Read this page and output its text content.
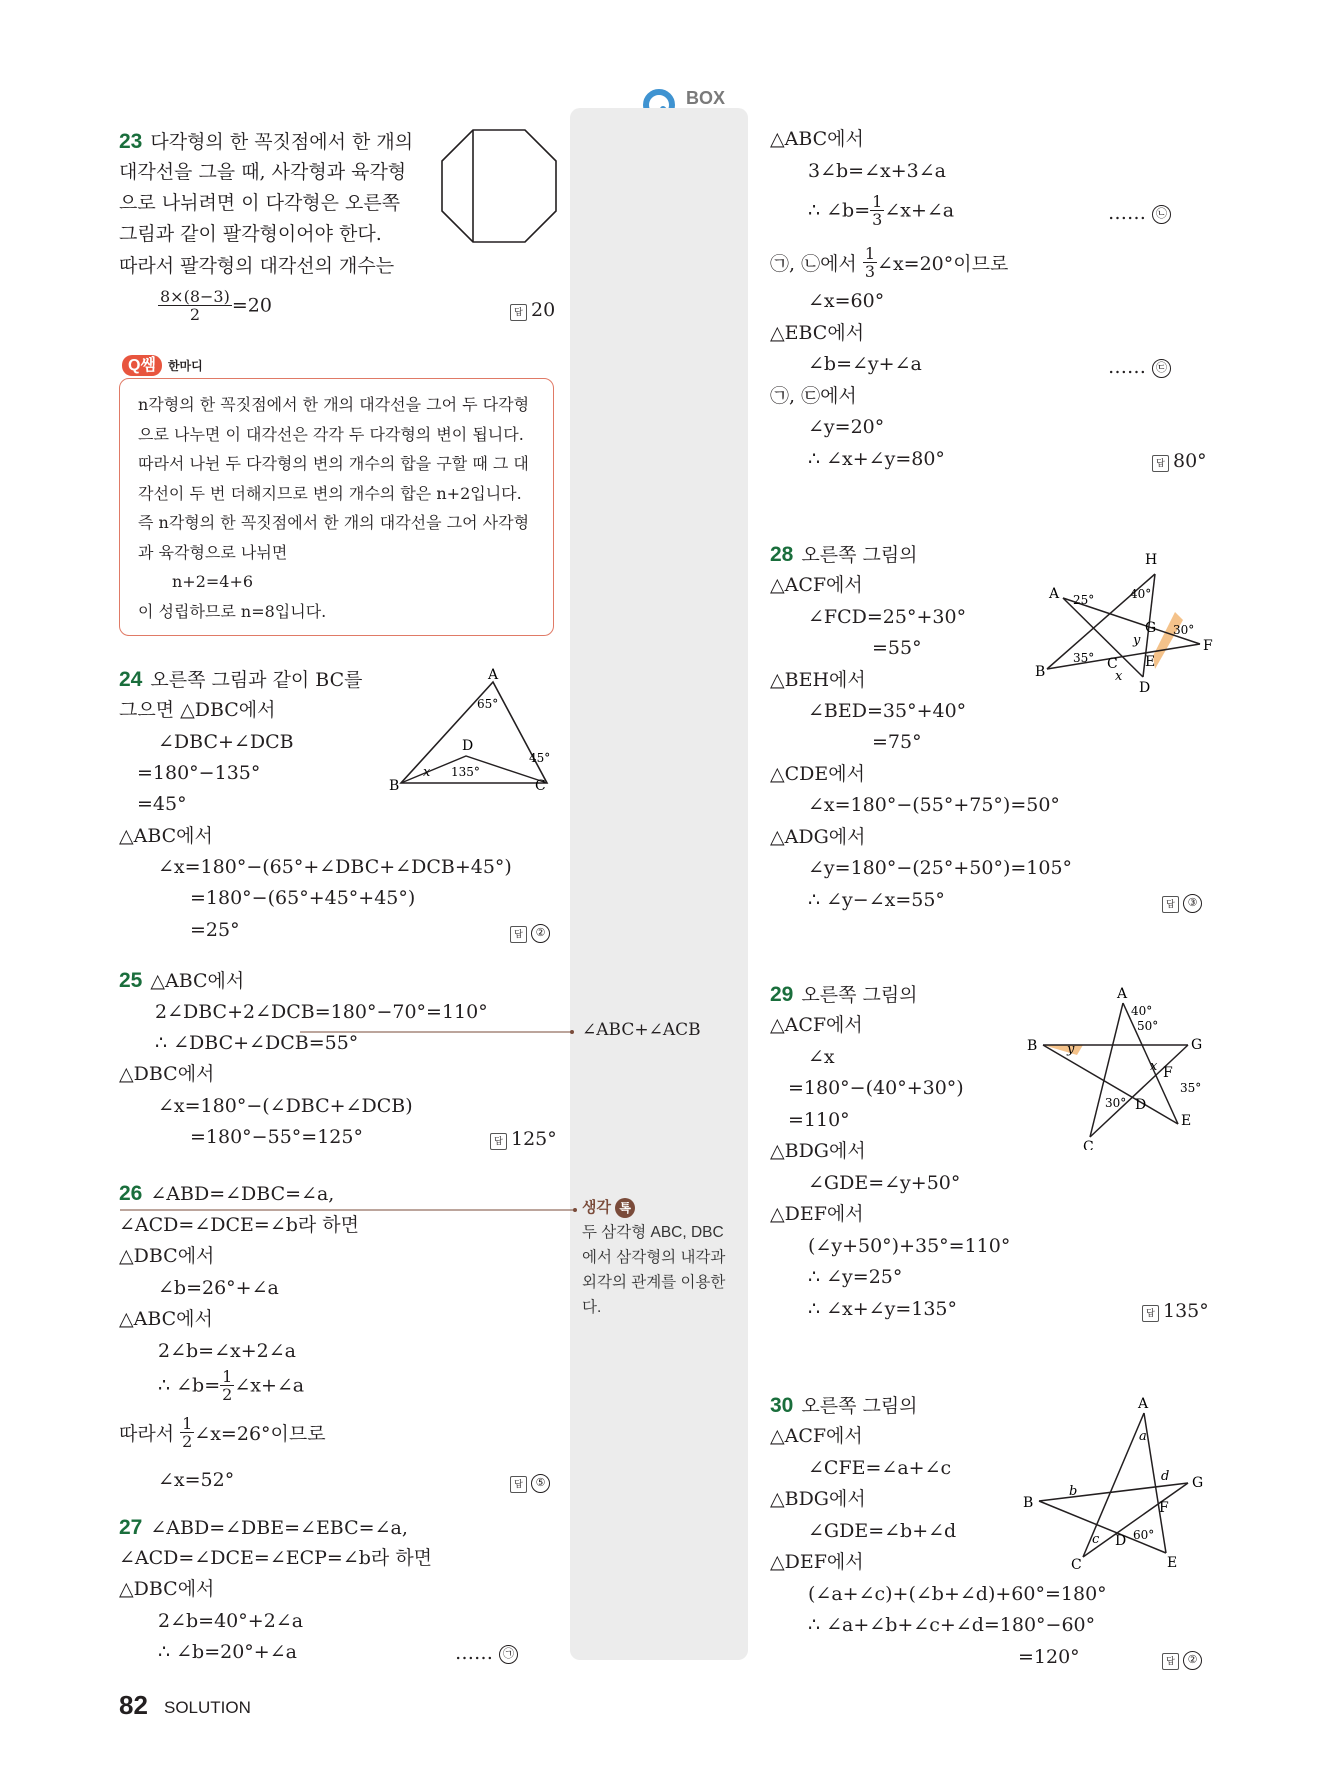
BOX
23 다각형의 한 꼭짓점에서 한 개의
대각선을 그을 때, 사각형과 육각형
으로 나뉘려면 이 다각형은 오른쪽
그림과 같이 팔각형이어야 한다.
따라서 팔각형의 대각선의 개수는
$\frac{8\times(8-3)}{2} =20$	답 20
Q쌤 한마디
n각형의 한 꼭짓점에서 한 개의 대각선을 그어 두 다각형
으로 나누면 이 대각선은 각각 두 다각형의 변이 됩니다.
따라서 나뉜 두 다각형의 변의 개수의 합을 구할 때 그 대
각선이 두 번 더해지므로 변의 개수의 합은 n+2입니다.
즉 n각형의 한 꼭짓점에서 한 개의 대각선을 그어 사각형
과 육각형으로 나뉘면
n+2=4+6
이 성립하므로 n=8입니다.
24 오른쪽 그림과 같이 BC를
그으면 △DBC에서
∠DBC+∠DCB
=180°−135°
=45°
△ABC에서
∠x=180°−(65°+∠DBC+∠DCB+45°)
=180°−(65°+45°+45°)
=25°	답 ②
A
B	C
D
65°
45°
135°
x
25 △ABC에서
2∠DBC+2∠DCB=180°−70°=110°
∴ ∠DBC+∠DCB=55°
△DBC에서
∠x=180°−(∠DBC+∠DCB)
=180°−55°=125°	답 125°
∠ABC+∠ACB
26 ∠ABD=∠DBC=∠a,
∠ACD=∠DCE=∠b라 하면
△DBC에서
∠b=26°+∠a
△ABC에서
2∠b=∠x+2∠a
∴ ∠b= $\frac{1}{2}$ ∠x+∠a
따라서 $\frac{1}{2}$ ∠x=26°이므로
∠x=52°	답 ⑤
생각 톡
두 삼각형 ABC, DBC
에서 삼각형의 내각과
외각의 관계를 이용한
다.
27 ∠ABD=∠DBE=∠EBC=∠a,
∠ACD=∠DCE=∠ECP=∠b라 하면
△DBC에서
2∠b=40°+2∠a
∴ ∠b=20°+∠a	…… ㉠
82 SOLUTION
△ABC에서
3∠b=∠x+3∠a
∴ ∠b= $\frac{1}{3}$ ∠x+∠a	…… ㉡
㉠, ㉡에서 $\frac{1}{3}$ ∠x=20°이므로
∠x=60°
△EBC에서
∠b=∠y+∠a	…… ㉢
㉠, ㉢에서
∠y=20°
∴ ∠x+∠y=80°	답 80°
28 오른쪽 그림의
△ACF에서
∠FCD=25°+30°
=55°
△BEH에서
∠BED=35°+40°
=75°
△CDE에서
∠x=180°−(55°+75°)=50°
△ADG에서
∠y=180°−(25°+50°)=105°
∴ ∠y−∠x=55°	답 ③
A
B	C
D
E
F
G
H
25°	40°
30°
35°
x
y
29 오른쪽 그림의
△ACF에서
∠x
=180°−(40°+30°)
=110°
△BDG에서
∠GDE=∠y+50°
△DEF에서
(∠y+50°)+35°=110°
∴ ∠y=25°
∴ ∠x+∠y=135°	답 135°
A
B
C
D
E
F
G
40°
50°
35°
30°
x
y
30 오른쪽 그림의
△ACF에서
∠CFE=∠a+∠c
△BDG에서
∠GDE=∠b+∠d
△DEF에서
(∠a+∠c)+(∠b+∠d)+60°=180°
∴ ∠a+∠b+∠c+∠d=180°−60°
=120°	답 ②
A
B
C
D
E
F
G
a
b
c
d
60°
